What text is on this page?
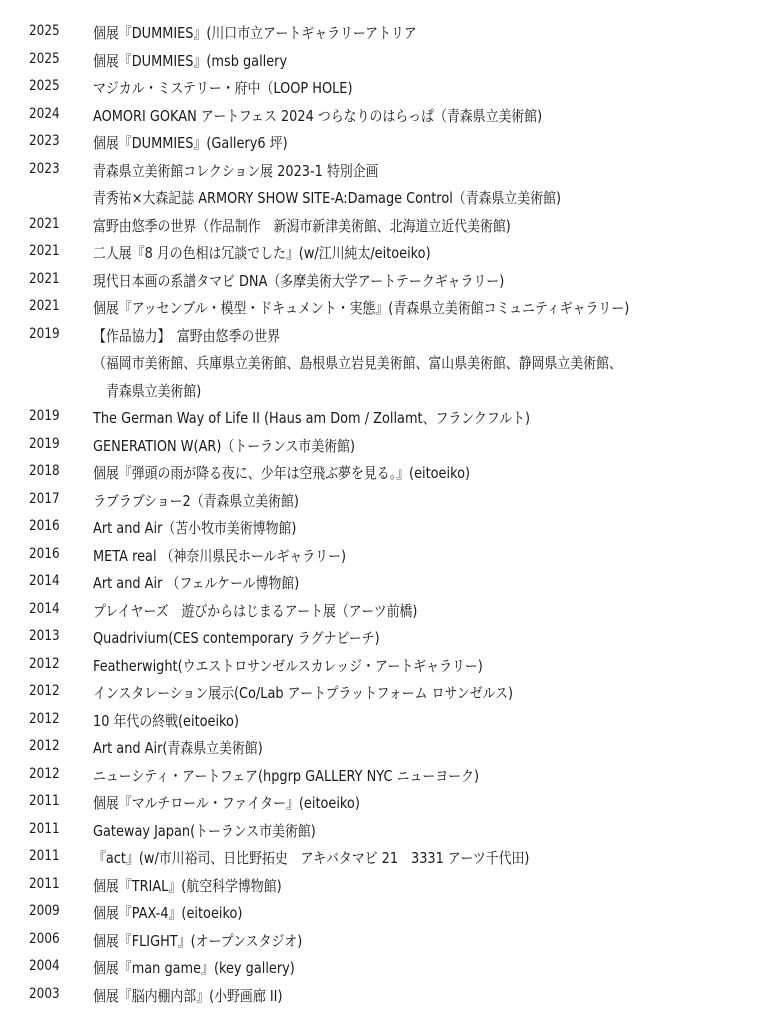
2025 個展『DUMMIES』(川口市立アートギャラリーアトリア
2025 個展『DUMMIES』(msb gallery
2025 マジカル・ミステリー・府中（LOOP HOLE)
2024 AOMORI GOKAN アートフェス 2024 つらなりのはらっぱ（青森県立美術館)
2023 個展『DUMMIES』(Gallery6 坪)
2023 青森県立美術館コレクション展 2023-1 特別企画
青秀祐×大森記誌 ARMORY SHOW SITE-A:Damage Control（青森県立美術館)
2021 富野由悠季の世界（作品制作　新潟市新津美術館、北海道立近代美術館)
2021 二人展『8 月の色相は冗談でした』(w/江川純太/eitoeiko)
2021 現代日本画の系譜タマビ DNA（多摩美術大学アートテークギャラリー)
2021 個展『アッセンブル・模型・ドキュメント・実態』(青森県立美術館コミュニティギャラリー)
2019 【作品協力】　富野由悠季の世界
（福岡市美術館、兵庫県立美術館、島根県立岩見美術館、富山県美術館、静岡県立美術館、
青森県立美術館)
2019 The German Way of Life II (Haus am Dom / Zollamt、フランクフルト)
2019 GENERATION W(AR)（トーランス市美術館)
2018 個展『弾頭の雨が降る夜に、少年は空飛ぶ夢を見る。』(eitoeiko)
2017 ラブラブショー2（青森県立美術館)
2016 Art and Air（苫小牧市美術博物館)
2016 META real （神奈川県民ホールギャラリー)
2014 Art and Air （フェルケール博物館)
2014 プレイヤーズ　遊びからはじまるアート展（アーツ前橋)
2013 Quadrivium(CES contemporary ラグナビーチ)
2012 Featherwight(ウエストロサンゼルスカレッジ・アートギャラリー)
2012 インスタレーション展示(Co/Lab アートプラットフォーム ロサンゼルス)
2012 10 年代の終戦(eitoeiko)
2012 Art and Air(青森県立美術館)
2012 ニューシティ・アートフェア(hpgrp GALLERY NYC ニューヨーク)
2011 個展『マルチロール・ファイター』(eitoeiko)
2011 Gateway Japan(トーランス市美術館)
2011 『act』(w/市川裕司、日比野拓史　アキバタマビ 21　3331 アーツ千代田)
2011 個展『TRIAL』(航空科学博物館)
2009 個展『PAX-4』(eitoeiko)
2006 個展『FLIGHT』(オープンスタジオ)
2004 個展『man game』(key gallery)
2003 個展『脳内棚内部』(小野画廊 II)
